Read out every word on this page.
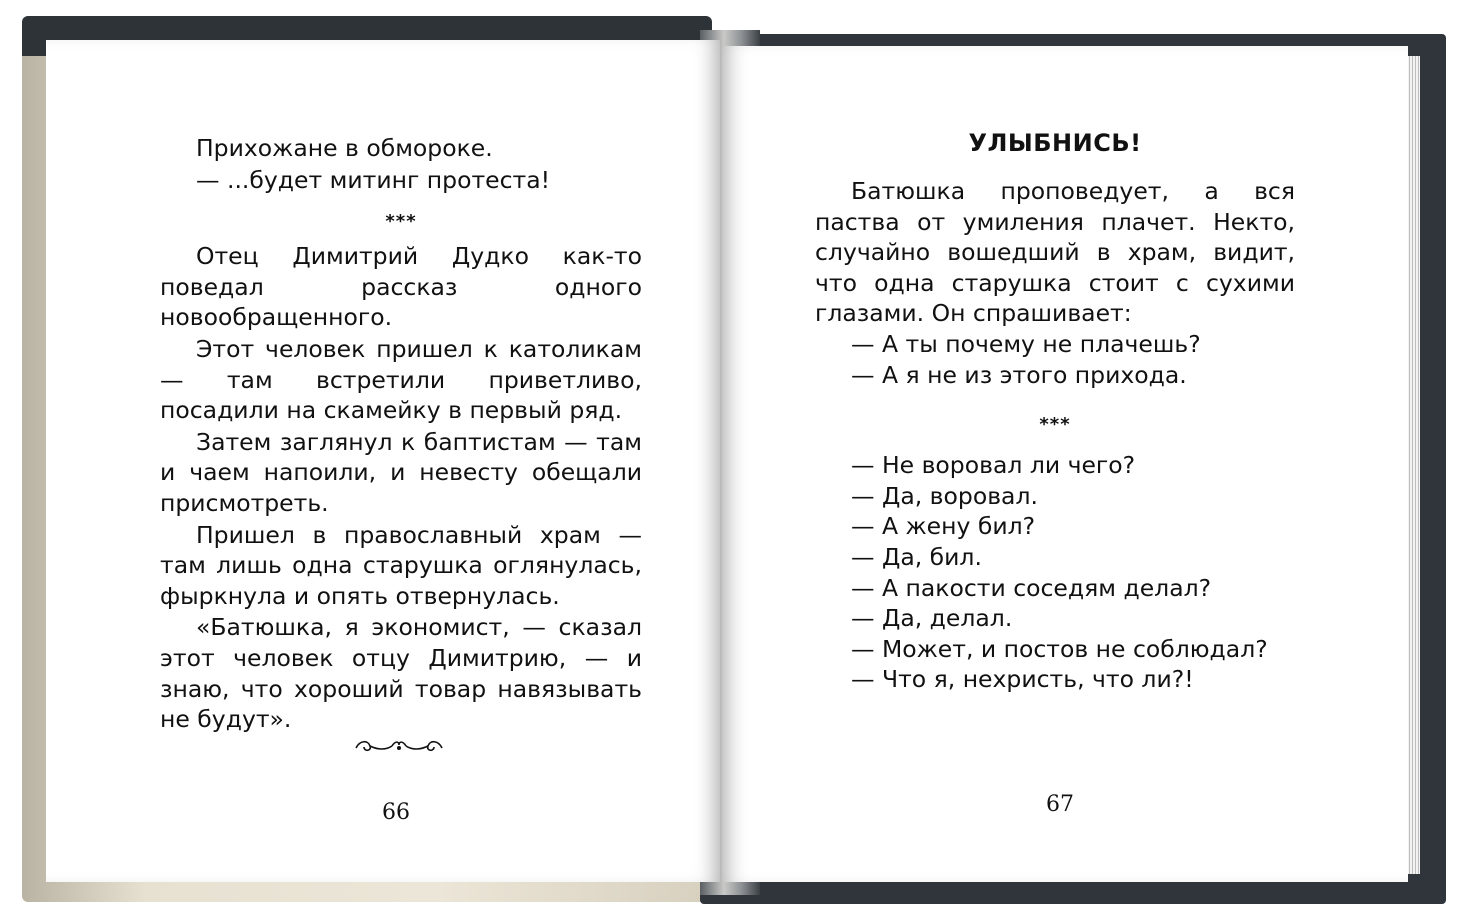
Прихожане в обмороке.

— ...будет митинг протеста!

***

Отец Димитрий Дудко как-то поведал рассказ одного новообращенного.

Этот человек пришел к католикам — там встретили приветливо, посадили на скамейку в первый ряд.

Затем заглянул к баптистам — там и чаем напоили, и невесту обещали присмотреть.

Пришел в православный храм — там лишь одна старушка оглянулась, фыркнула и опять отвернулась.

«Батюшка, я экономист, — сказал этот человек отцу Димитрию, — и знаю, что хороший товар навязывать не будут».

66
УЛЫБНИСЬ!

Батюшка проповедует, а вся паства от умиления плачет. Некто, случайно вошедший в храм, видит, что одна старушка стоит с сухими глазами. Он спрашивает:

— А ты почему не плачешь?

— А я не из этого прихода.

***

— Не воровал ли чего?

— Да, воровал.

— А жену бил?

— Да, бил.

— А пакости соседям делал?

— Да, делал.

— Может, и постов не соблюдал?

— Что я, нехристь, что ли?!

67
